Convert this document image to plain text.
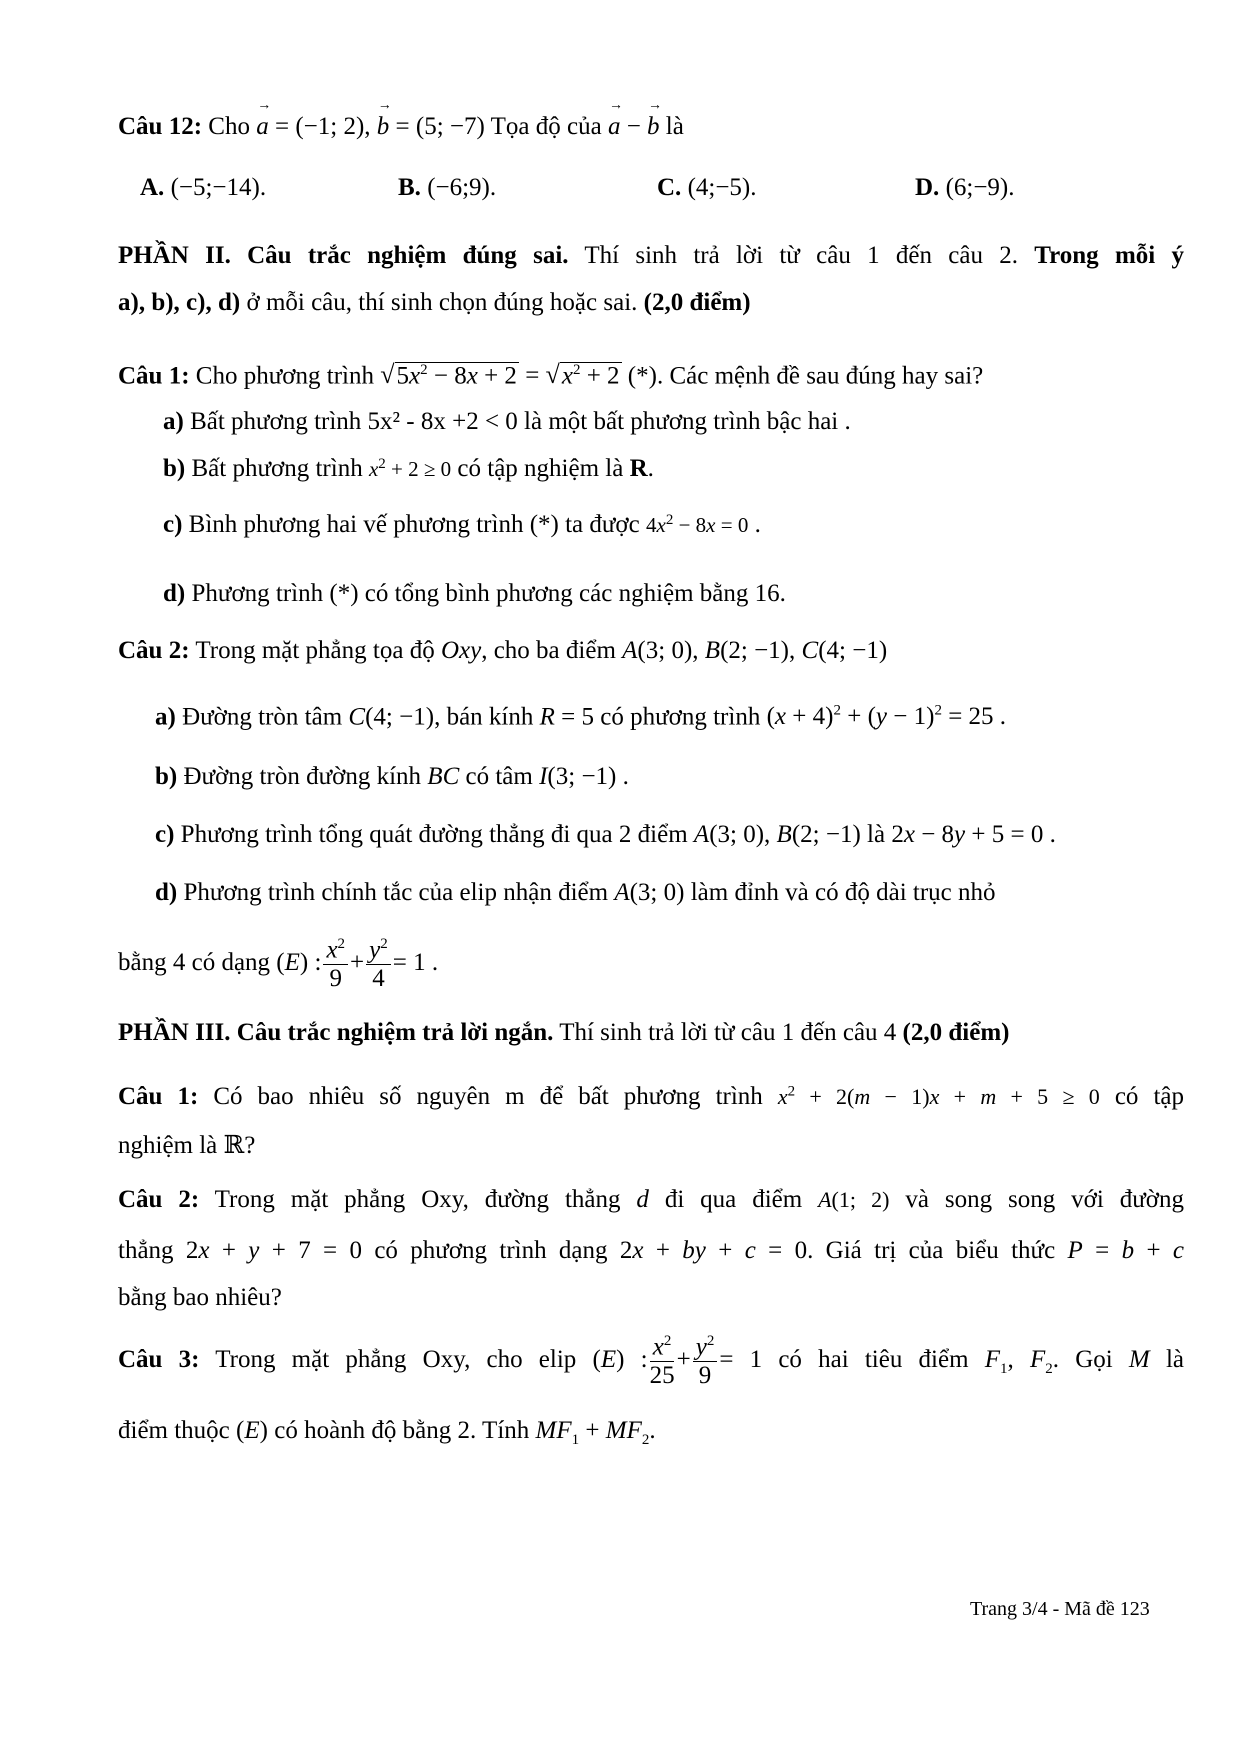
Câu 12: Cho → a = (−1; 2), → b = (5; −7) Tọa độ của → a − → b là
A. (−5;−14).	B. (−6;9).	C. (4;−5).	D. (6;−9).
PHẦN II. Câu trắc nghiệm đúng sai. Thí sinh trả lời từ câu 1 đến câu 2. Trong mỗi ý
a), b), c), d) ở mỗi câu, thí sinh chọn đúng hoặc sai. (2,0 điểm)
Câu 1: Cho phương trình $√5x^2 - 8x + 2 = √x^2 + 2$ (*). Các mệnh đề sau đúng hay sai?
a) Bất phương trình 5x² - 8x +2 < 0 là một bất phương trình bậc hai .
b) Bất phương trình $x^2 + 2 \ge 0$ có tập nghiệm là R.
c) Bình phương hai vế phương trình (*) ta được $4x^2 - 8x = 0$ .
d) Phương trình (*) có tổng bình phương các nghiệm bằng 16.
Câu 2: Trong mặt phẳng tọa độ Oxy, cho ba điểm A(3; 0), B(2; −1), C(4; −1)
a) Đường tròn tâm C(4; −1), bán kính R = 5 có phương trình $(x + 4)^2 + (y - 1)^2 = 25$ .
b) Đường tròn đường kính BC có tâm I(3; −1) .
c) Phương trình tổng quát đường thẳng đi qua 2 điểm A(3; 0), B(2; −1) là 2x − 8y + 5 = 0 .
d) Phương trình chính tắc của elip nhận điểm A(3; 0) làm đỉnh và có độ dài trục nhỏ
bằng 4 có dạng (E) : $\frac{x^2}{9} + \frac{y^2}{4} = 1$ .
PHẦN III. Câu trắc nghiệm trả lời ngắn. Thí sinh trả lời từ câu 1 đến câu 4 (2,0 điểm)
Câu 1: Có bao nhiêu số nguyên m để bất phương trình $x^2 + 2(m - 1)x + m + 5 \ge 0$ có tập
nghiệm là ℝ?
Câu 2: Trong mặt phẳng Oxy, đường thẳng d đi qua điểm A(1; 2) và song song với đường
thẳng 2x + y + 7 = 0 có phương trình dạng 2x + by + c = 0. Giá trị của biểu thức P = b + c
bằng bao nhiêu?
Câu 3: Trong mặt phẳng Oxy, cho elip (E) : $\frac{x^2}{25} + \frac{y^2}{9} = 1$ có hai tiêu điểm $F_1$, $F_2$. Gọi M là
điểm thuộc (E) có hoành độ bằng 2. Tính $MF_1 + MF_2$.
Trang 3/4 - Mã đề 123
